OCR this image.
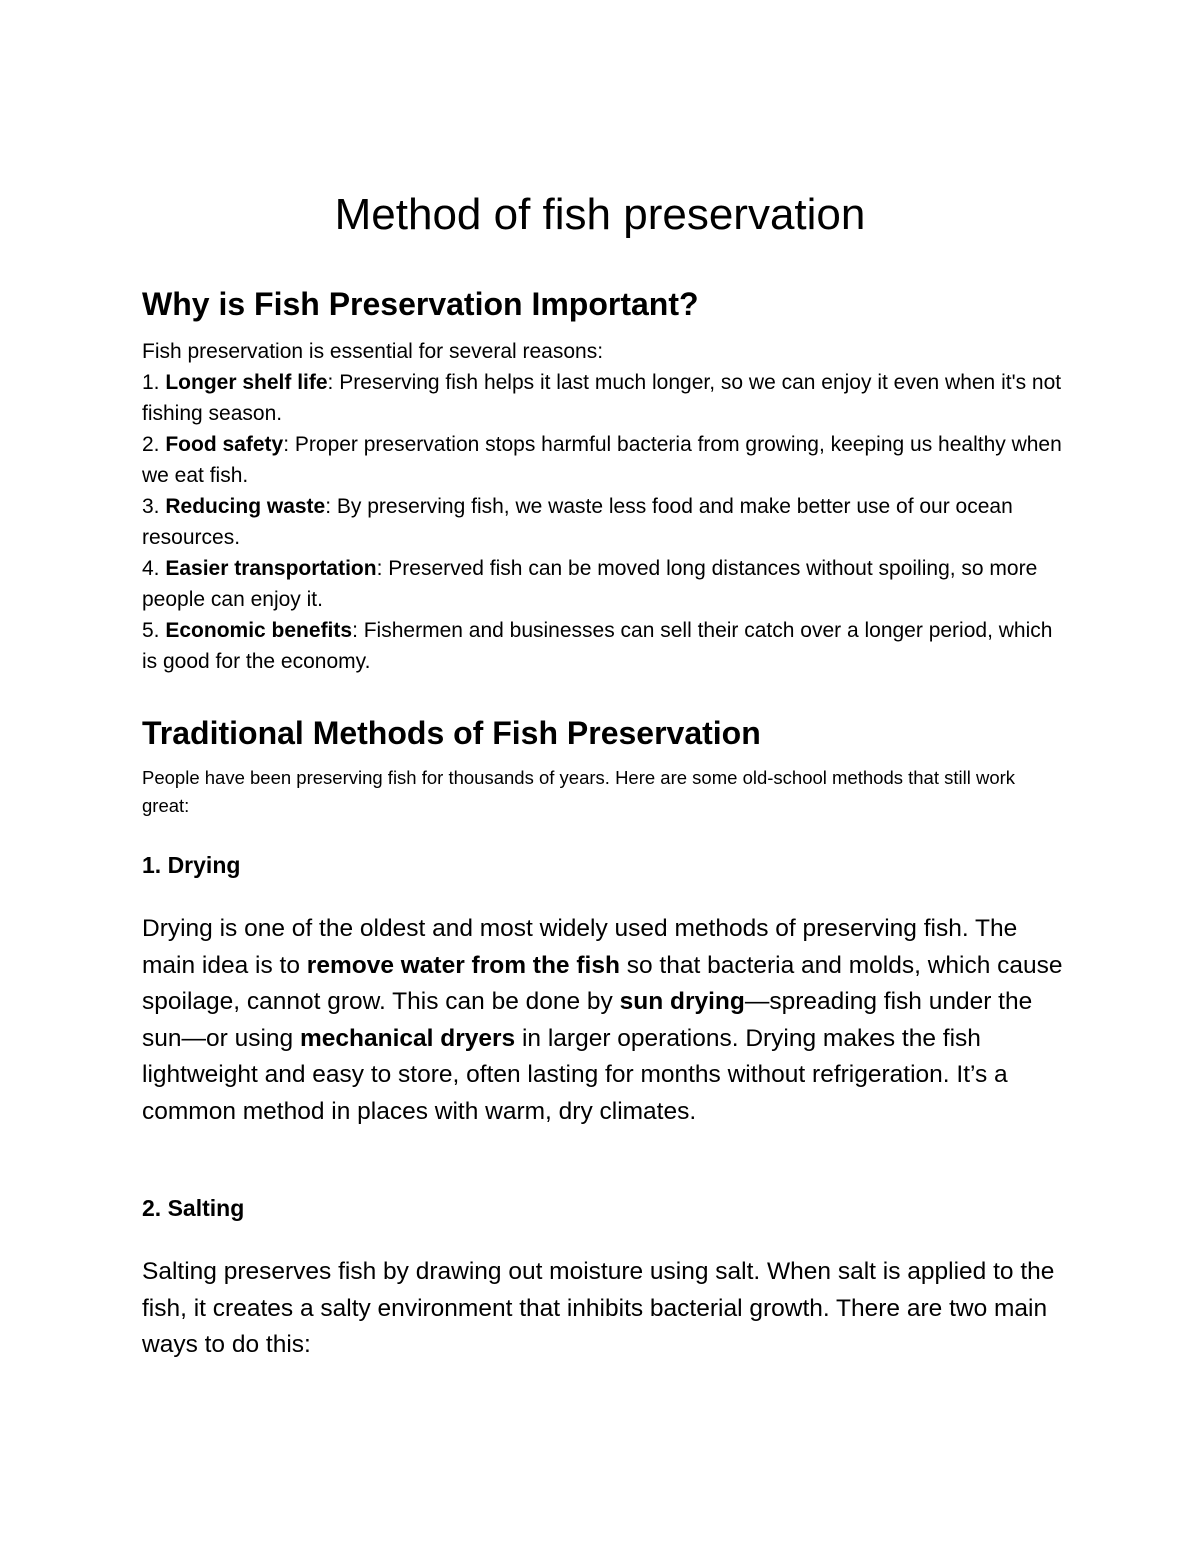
Method of fish preservation
Why is Fish Preservation Important?

Fish preservation is essential for several reasons:

1. Longer shelf life: Preserving fish helps it last much longer, so we can enjoy it even when it's not fishing season.

2. Food safety: Proper preservation stops harmful bacteria from growing, keeping us healthy when we eat fish.

3. Reducing waste: By preserving fish, we waste less food and make better use of our ocean resources.

4. Easier transportation: Preserved fish can be moved long distances without spoiling, so more people can enjoy it.

5. Economic benefits: Fishermen and businesses can sell their catch over a longer period, which is good for the economy.

Traditional Methods of Fish Preservation

People have been preserving fish for thousands of years. Here are some old-school methods that still work great:

1. Drying

Drying is one of the oldest and most widely used methods of preserving fish. The main idea is to remove water from the fish so that bacteria and molds, which cause spoilage, cannot grow. This can be done by sun drying—spreading fish under the sun—or using mechanical dryers in larger operations. Drying makes the fish lightweight and easy to store, often lasting for months without refrigeration. It’s a common method in places with warm, dry climates.

2. Salting

Salting preserves fish by drawing out moisture using salt. When salt is applied to the fish, it creates a salty environment that inhibits bacterial growth. There are two main ways to do this:
